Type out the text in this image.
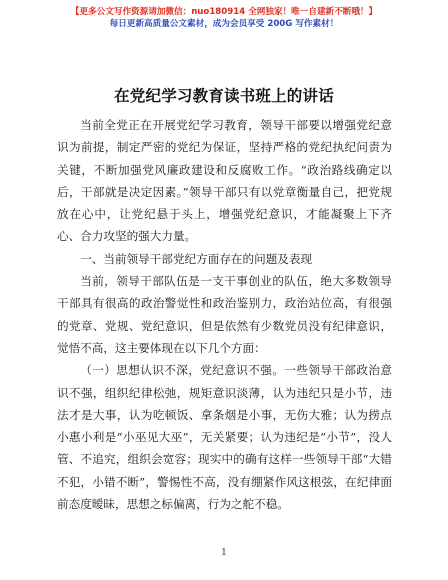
【更多公文写作资源请加微信：nuo180914 全网独家！唯一自建新不断哦！】
每日更新高质量公文素材，成为会员享受 200G 写作素材！
在党纪学习教育读书班上的讲话

当前全党正在开展党纪学习教育，领导干部要以增强党纪意识为前提，制定严密的党纪为保证，坚持严格的党纪执纪问责为关键，不断加强党风廉政建设和反腐败工作。“政治路线确定以后，干部就是决定因素。”领导干部只有以党章衡量自己，把党规放在心中，让党纪悬于头上，增强党纪意识，才能凝聚上下齐心、合力攻坚的强大力量。

一、当前领导干部党纪方面存在的问题及表现

当前，领导干部队伍是一支干事创业的队伍，绝大多数领导干部具有很高的政治警觉性和政治鉴别力，政治站位高，有很强的党章、党规、党纪意识，但是依然有少数党员没有纪律意识，觉悟不高，这主要体现在以下几个方面：

（一）思想认识不深，党纪意识不强。一些领导干部政治意识不强，组织纪律松弛，规矩意识淡薄，认为违纪只是小节，违法才是大事，认为吃顿饭、拿条烟是小事，无伤大雅；认为捞点小惠小利是“小巫见大巫”，无关紧要；认为违纪是“小节”，没人管、不追究，组织会宽容；现实中的确有这样一些领导干部“大错不犯，小错不断”，警惕性不高，没有绷紧作风这根弦，在纪律面前态度暧昧，思想之标偏离，行为之舵不稳。

1
